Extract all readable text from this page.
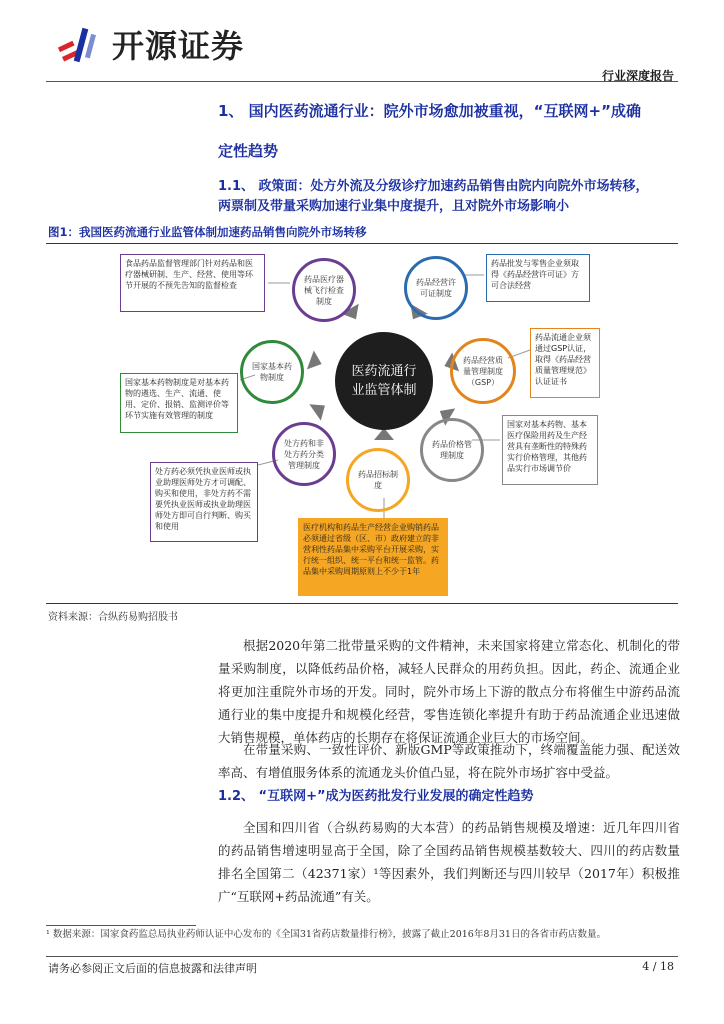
开源证券
行业深度报告
1、 国内医药流通行业：院外市场愈加被重视，“互联网+”成确
定性趋势
1.1、 政策面：处方外流及分级诊疗加速药品销售由院内向院外市场转移，
两票制及带量采购加速行业集中度提升，且对院外市场影响小
图1：我国医药流通行业监管体制加速药品销售向院外市场转移
食品药品监督管理部门针对药品和医疗器械研制、生产、经营、使用等环节开展的不预先告知的监督检查
药品批发与零售企业须取得《药品经营许可证》方可合法经营
药品流通企业须通过GSP认证，取得《药品经营质量管理规范》认证证书
国家对基本药物、基本医疗保险用药及生产经营具有垄断性的特殊药实行价格管理，其他药品实行市场调节价
医疗机构和药品生产经营企业购销药品必须通过省级（区、市）政府建立的非营利性药品集中采购平台开展采购，实行统一组织、统一平台和统一监管。药品集中采购周期原则上不少于1年
处方药必须凭执业医师或执业助理医师处方才可调配、购买和使用，非处方药不需要凭执业医师或执业助理医师处方即可自行判断、购买和使用
国家基本药物制度是对基本药物的遴选、生产、流通、使用、定价、报销、监测评价等环节实施有效管理的制度
药品医疗器械飞行检查制度
药品经营许可证制度
药品经营质量管理制度（GSP）
药品价格管理制度
药品招标制度
处方药和非处方药分类管理制度
国家基本药物制度	医药流通行业监管体制
资料来源：合纵药易购招股书
根据2020年第二批带量采购的文件精神，未来国家将建立常态化、机制化的带量采购制度，以降低药品价格，减轻人民群众的用药负担。因此，药企、流通企业将更加注重院外市场的开发。同时，院外市场上下游的散点分布将催生中游药品流通行业的集中度提升和规模化经营，零售连锁化率提升有助于药品流通企业迅速做大销售规模，单体药店的长期存在将保证流通企业巨大的市场空间。
在带量采购、一致性评价、新版GMP等政策推动下，终端覆盖能力强、配送效率高、有增值服务体系的流通龙头价值凸显，将在院外市场扩容中受益。
1.2、 “互联网+”成为医药批发行业发展的确定性趋势
全国和四川省（合纵药易购的大本营）的药品销售规模及增速：近几年四川省的药品销售增速明显高于全国，除了全国药品销售规模基数较大、四川的药店数量排名全国第二（42371家）¹等因素外，我们判断还与四川较早（2017年）积极推广“互联网+药品流通”有关。
¹ 数据来源：国家食药监总局执业药师认证中心发布的《全国31省药店数量排行榜》，披露了截止2016年8月31日的各省市药店数量。
请务必参阅正文后面的信息披露和法律声明	4 / 18
